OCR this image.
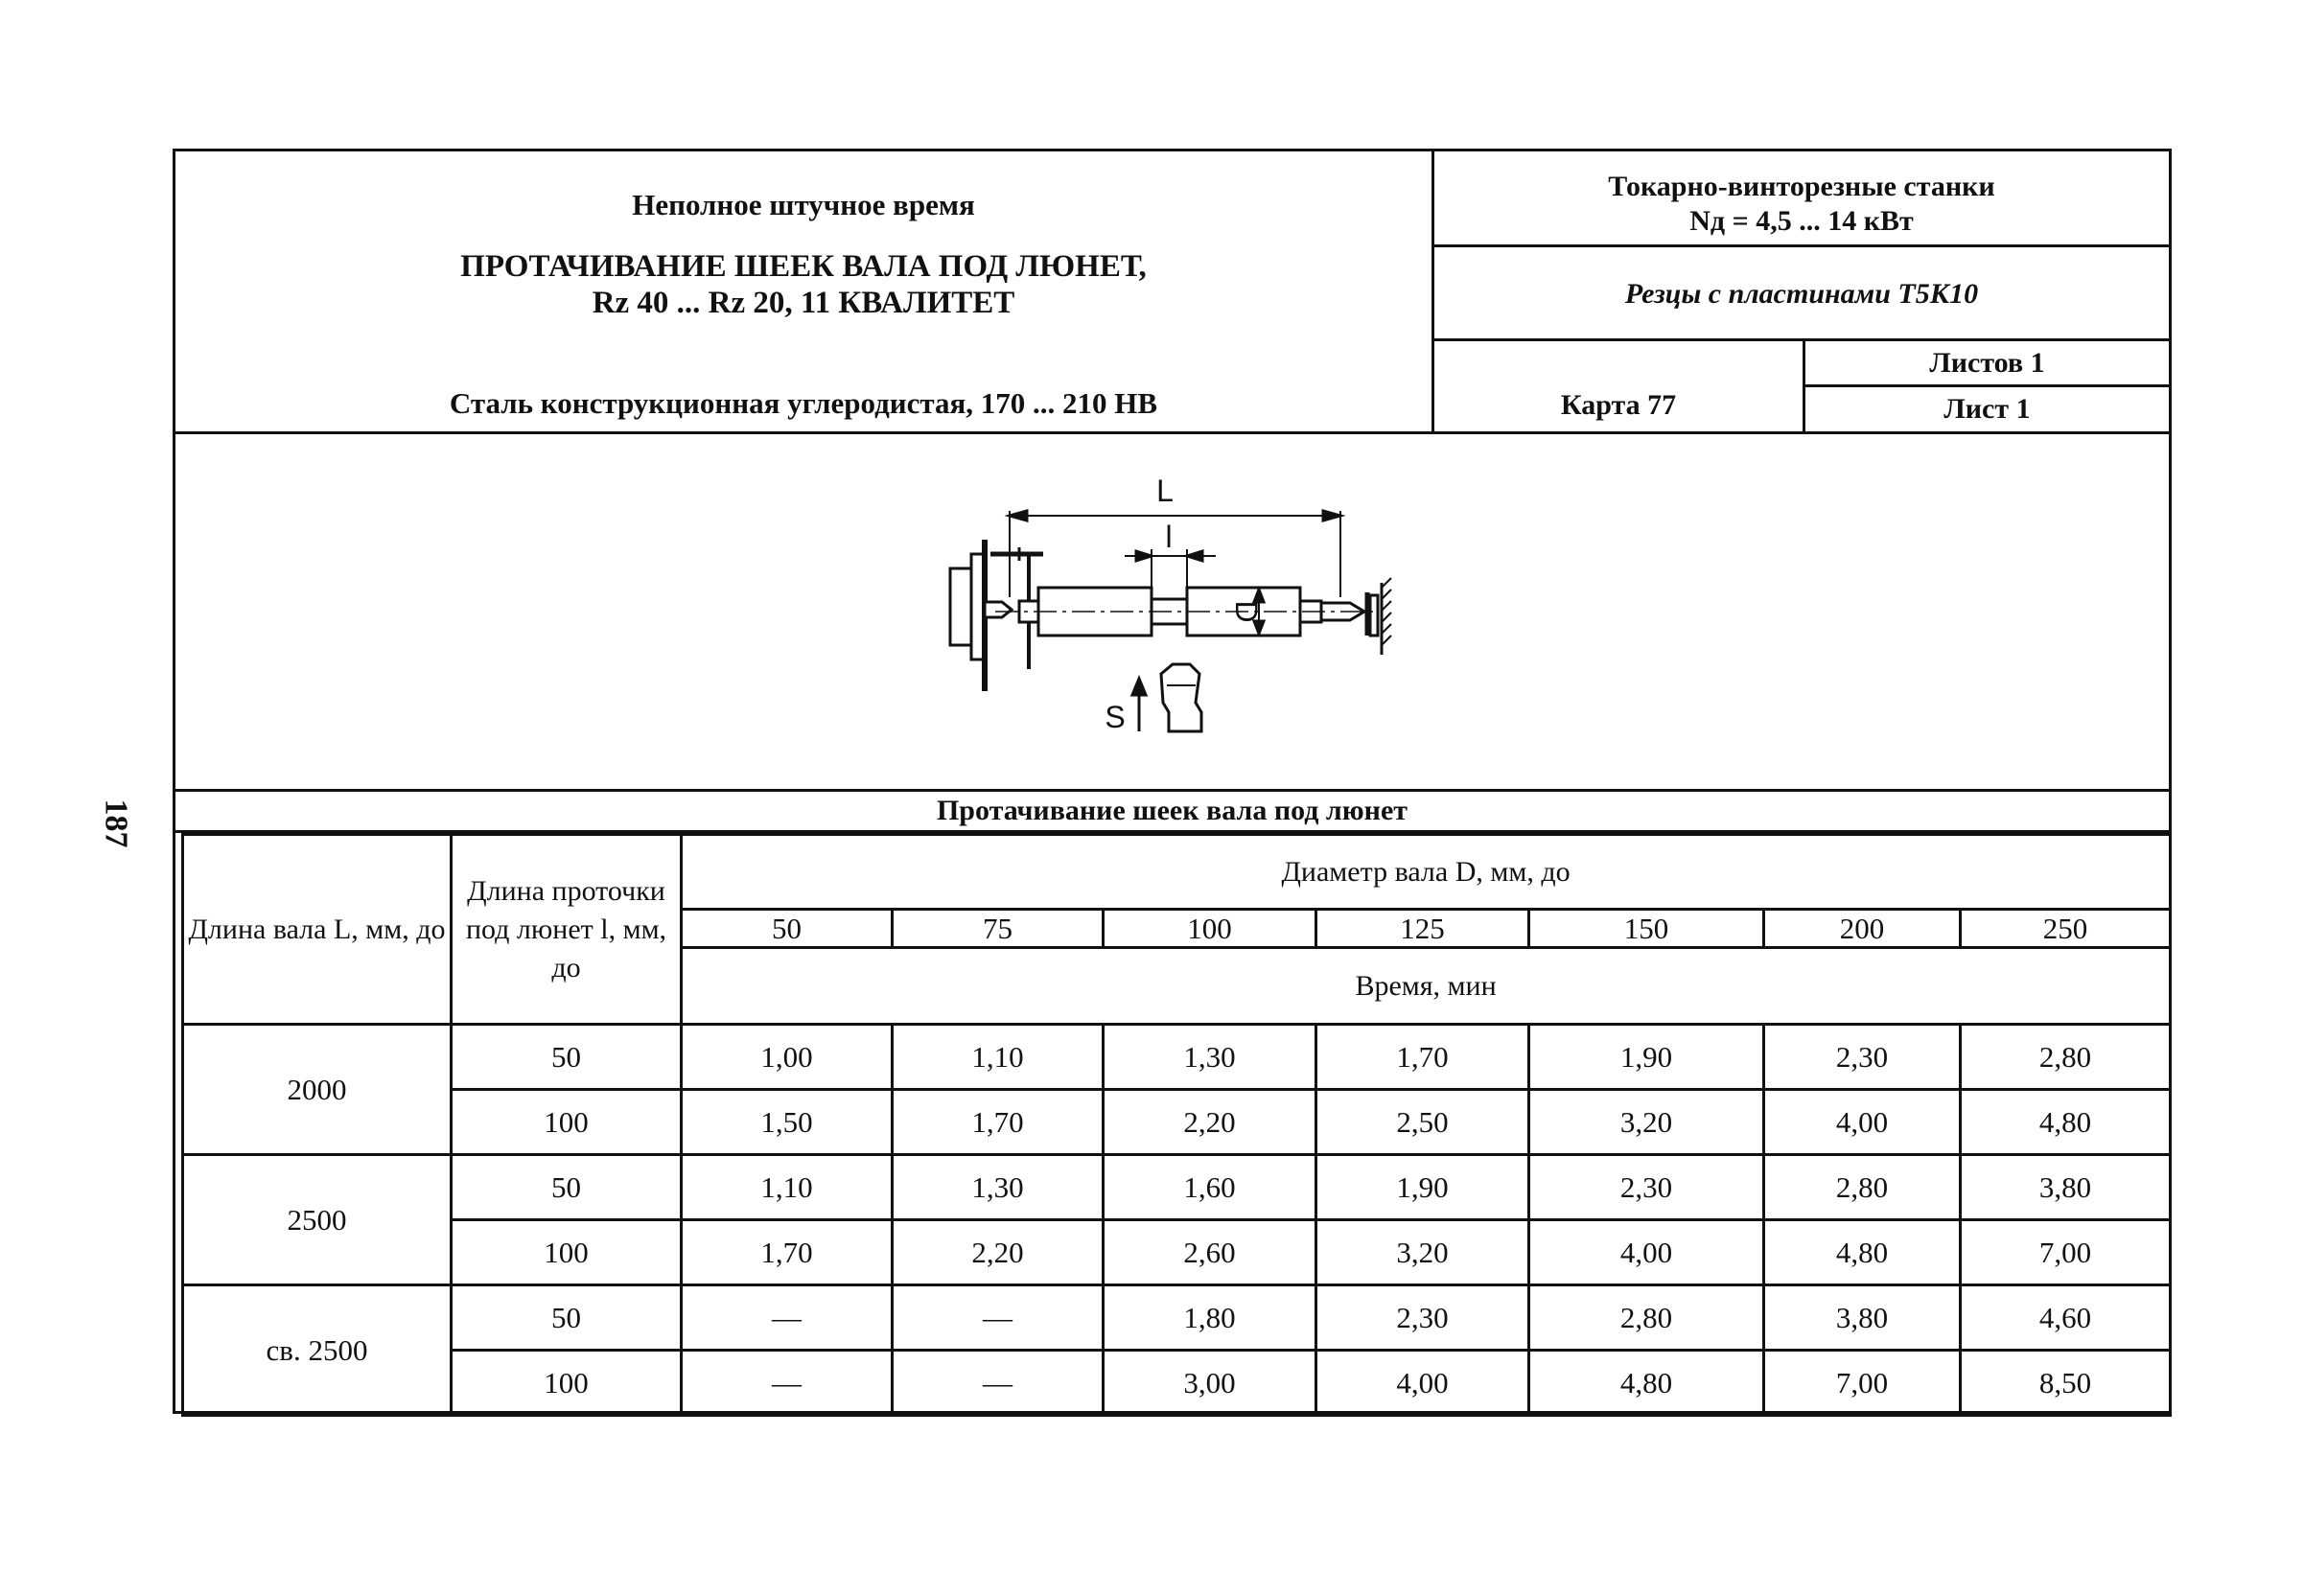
187
Неполное штучное время
ПРОТАЧИВАНИЕ ШЕЕК ВАЛА ПОД ЛЮНЕТ,
Rz 40 ... Rz 20, 11 КВАЛИТЕТ
Сталь конструкционная углеродистая, 170 ... 210 НВ
Токарно-винторезные станки
Nд = 4,5 ... 14 кВт
Резцы с пластинами Т5К10
Карта 77
Листов 1
Лист 1
L
l
D
S
Протачивание шеек вала под люнет
Длина вала L, мм, до	Длина проточки под люнет l, мм, до	Диаметр вала D, мм, до						
		50	75	100	125	150	200	250
		Время, мин						
2000	50	1,00	1,10	1,30	1,70	1,90	2,30	2,80
	100	1,50	1,70	2,20	2,50	3,20	4,00	4,80
2500	50	1,10	1,30	1,60	1,90	2,30	2,80	3,80
	100	1,70	2,20	2,60	3,20	4,00	4,80	7,00
св. 2500	50	—	—	1,80	2,30	2,80	3,80	4,60
	100	—	—	3,00	4,00	4,80	7,00	8,50
